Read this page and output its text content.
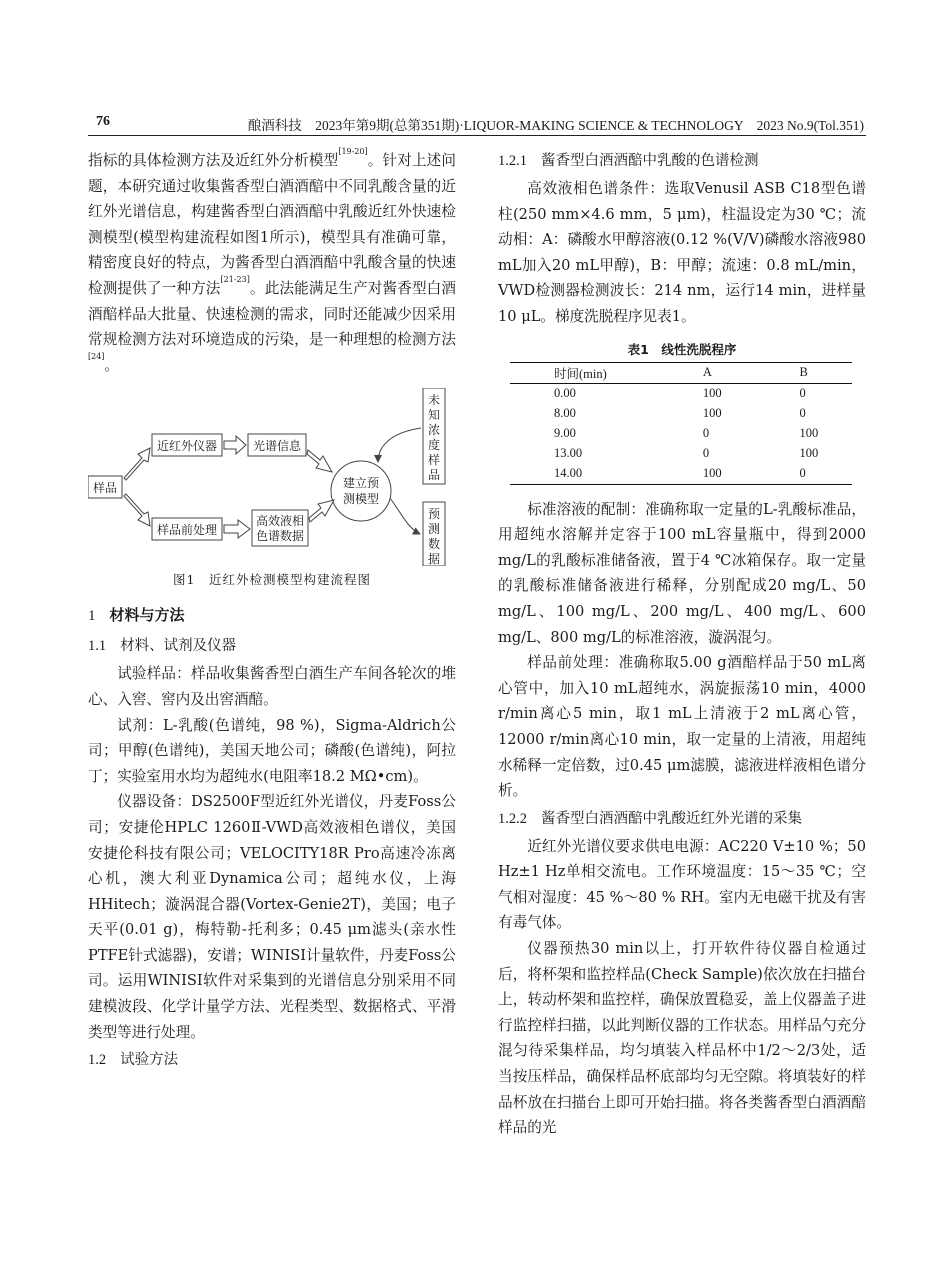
76	酿酒科技　2023年第9期(总第351期)·LIQUOR-MAKING SCIENCE & TECHNOLOGY　2023 No.9(Tol.351)

指标的具体检测方法及近红外分析模型[19-20]。针对上述问题，本研究通过收集酱香型白酒酒醅中不同乳酸含量的近红外光谱信息，构建酱香型白酒酒醅中乳酸近红外快速检测模型(模型构建流程如图1所示)，模型具有准确可靠，精密度良好的特点，为酱香型白酒酒醅中乳酸含量的快速检测提供了一种方法[21-23]。此法能满足生产对酱香型白酒酒醅样品大批量、快速检测的需求，同时还能减少因采用常规检测方法对环境造成的污染，是一种理想的检测方法[24]。

样品
近红外仪器	光谱信息
样品前处理
高效液相
色谱数据
建立预
测模型
未
知
浓
度
样
品
预
测
数
据
图1　近红外检测模型构建流程图
1 材料与方法
1.1 材料、试剂及仪器

试验样品：样品收集酱香型白酒生产车间各轮次的堆心、入窖、窖内及出窖酒醅。

试剂：L-乳酸(色谱纯，98 %)，Sigma-Aldrich公司；甲醇(色谱纯)，美国天地公司；磷酸(色谱纯)，阿拉丁；实验室用水均为超纯水(电阻率18.2 MΩ•cm)。

仪器设备：DS2500F型近红外光谱仪，丹麦Foss公司；安捷伦HPLC 1260Ⅱ-VWD高效液相色谱仪，美国安捷伦科技有限公司；VELOCITY18R Pro高速冷冻离心机，澳大利亚Dynamica公司；超纯水仪，上海HHitech；漩涡混合器(Vortex-Genie2T)，美国；电子天平(0.01 g)，梅特勒-托利多；0.45 μm滤头(亲水性PTFE针式滤器)，安谱；WINISI计量软件，丹麦Foss公司。运用WINISI软件对采集到的光谱信息分别采用不同建模波段、化学计量学方法、光程类型、数据格式、平滑类型等进行处理。

1.2 试验方法
1.2.1 酱香型白酒酒醅中乳酸的色谱检测

高效液相色谱条件：选取Venusil ASB C18型色谱柱(250 mm×4.6 mm，5 μm)，柱温设定为30 ℃；流动相：A：磷酸水甲醇溶液(0.12 %(V/V)磷酸水溶液980 mL加入20 mL甲醇)，B：甲醇；流速：0.8 mL/min，VWD检测器检测波长：214 nm，运行14 min，进样量10 μL。梯度洗脱程序见表1。

表1　线性洗脱程序
时间(min)	A	B
0.00	100	0
8.00	100	0
9.00	0	100
13.00	0	100
14.00	100	0

标准溶液的配制：准确称取一定量的L-乳酸标准品，用超纯水溶解并定容于100 mL容量瓶中，得到2000 mg/L的乳酸标准储备液，置于4 ℃冰箱保存。取一定量的乳酸标准储备液进行稀释，分别配成20 mg/L、50 mg/L、100 mg/L、200 mg/L、400 mg/L、600 mg/L、800 mg/L的标准溶液，漩涡混匀。

样品前处理：准确称取5.00 g酒醅样品于50 mL离心管中，加入10 mL超纯水，涡旋振荡10 min，4000 r/min离心5 min，取1 mL上清液于2 mL离心管，12000 r/min离心10 min，取一定量的上清液，用超纯水稀释一定倍数，过0.45 μm滤膜，滤液进样液相色谱分析。

1.2.2 酱香型白酒酒醅中乳酸近红外光谱的采集

近红外光谱仪要求供电电源：AC220 V±10 %；50 Hz±1 Hz单相交流电。工作环境温度：15～35 ℃；空气相对湿度：45 %～80 % RH。室内无电磁干扰及有害有毒气体。

仪器预热30 min以上，打开软件待仪器自检通过后，将杯架和监控样品(Check Sample)依次放在扫描台上，转动杯架和监控样，确保放置稳妥，盖上仪器盖子进行监控样扫描，以此判断仪器的工作状态。用样品勺充分混匀待采集样品，均匀填装入样品杯中1/2～2/3处，适当按压样品，确保样品杯底部均匀无空隙。将填装好的样品杯放在扫描台上即可开始扫描。将各类酱香型白酒酒醅样品的光
